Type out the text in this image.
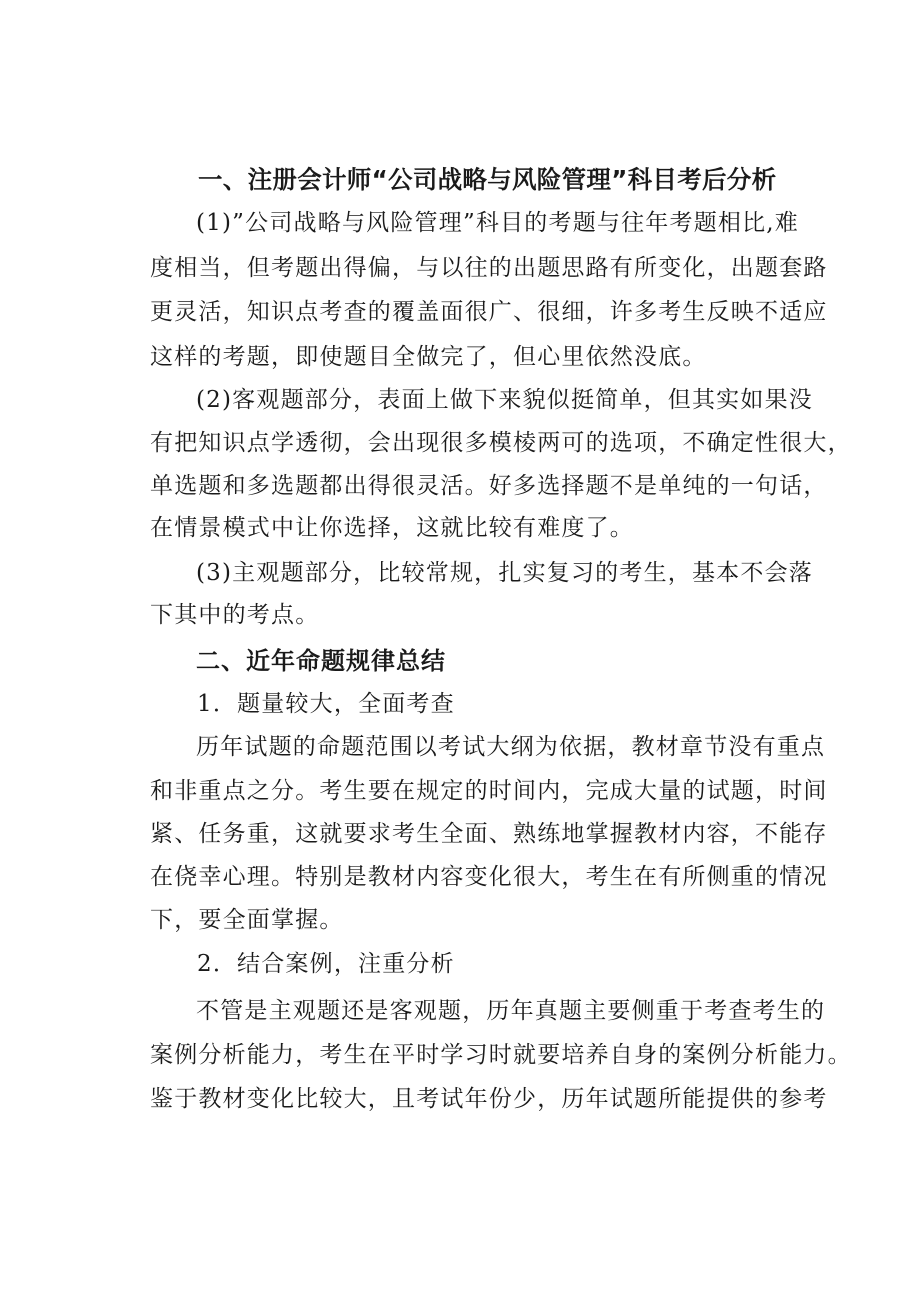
一、注册会计师“公司战略与风险管理”科目考后分析
(1)”公司战略与风险管理”科目的考题与往年考题相比,难
度相当，但考题出得偏，与以往的出题思路有所变化，出题套路
更灵活，知识点考查的覆盖面很广、很细，许多考生反映不适应
这样的考题，即使题目全做完了，但心里依然没底。
(2)客观题部分，表面上做下来貌似挺简单，但其实如果没
有把知识点学透彻，会出现很多模棱两可的选项，不确定性很大，
单选题和多选题都出得很灵活。好多选择题不是单纯的一句话，
在情景模式中让你选择，这就比较有难度了。
(3)主观题部分，比较常规，扎实复习的考生，基本不会落
下其中的考点。
二、近年命题规律总结
1．题量较大，全面考查
历年试题的命题范围以考试大纲为依据，教材章节没有重点
和非重点之分。考生要在规定的时间内，完成大量的试题，时间
紧、任务重，这就要求考生全面、熟练地掌握教材内容，不能存
在侥幸心理。特别是教材内容变化很大，考生在有所侧重的情况
下，要全面掌握。
2．结合案例，注重分析
不管是主观题还是客观题，历年真题主要侧重于考查考生的
案例分析能力，考生在平时学习时就要培养自身的案例分析能力。
鉴于教材变化比较大，且考试年份少，历年试题所能提供的参考
